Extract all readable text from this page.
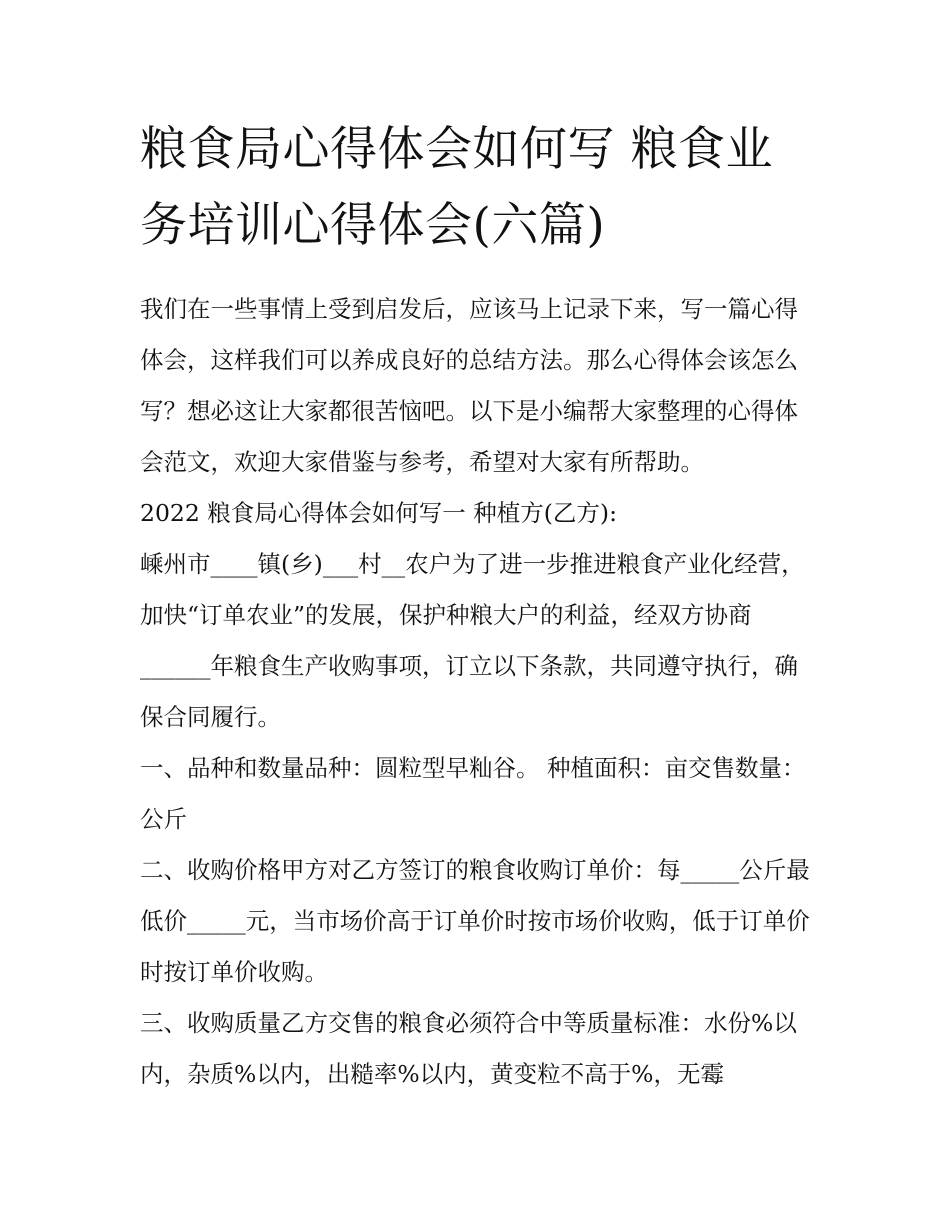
粮食局心得体会如何写 粮食业务培训心得体会(六篇)

我们在一些事情上受到启发后，应该马上记录下来，写一篇心得体会，这样我们可以养成良好的总结方法。那么心得体会该怎么写？想必这让大家都很苦恼吧。以下是小编帮大家整理的心得体会范文，欢迎大家借鉴与参考，希望对大家有所帮助。

2022 粮食局心得体会如何写一 种植方(乙方):

嵊州市____镇(乡)___村__农户为了进一步推进粮食产业化经营，加快“订单农业”的发展，保护种粮大户的利益，经双方协商______年粮食生产收购事项，订立以下条款，共同遵守执行，确保合同履行。

一、品种和数量品种：圆粒型早籼谷。 种植面积：亩交售数量：公斤

二、收购价格甲方对乙方签订的粮食收购订单价：每_____公斤最低价_____元，当市场价高于订单价时按市场价收购，低于订单价时按订单价收购。

三、收购质量乙方交售的粮食必须符合中等质量标准：水份%以内，杂质%以内，出糙率%以内，黄变粒不高于%，无霉
